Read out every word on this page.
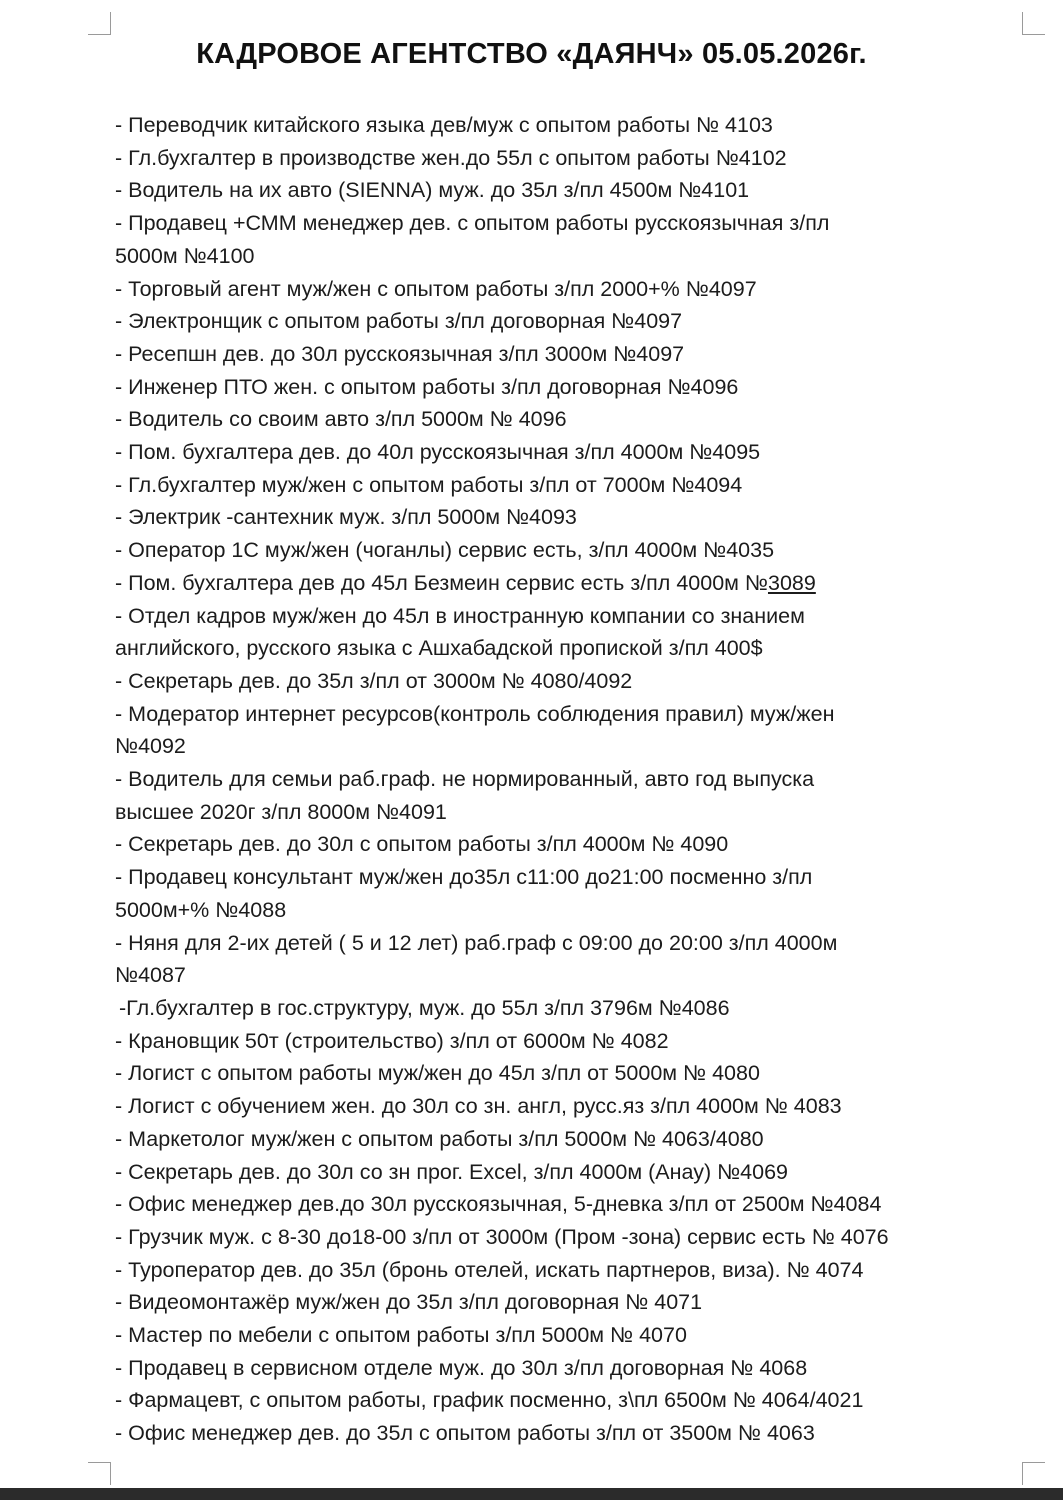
КАДРОВОЕ АГЕНТСТВО «ДАЯНЧ» 05.05.2026г.
- Переводчик китайского языка дев/муж с опытом работы № 4103
- Гл.бухгалтер в производстве жен.до 55л с опытом работы №4102
- Водитель на их авто (SIENNA) муж. до 35л з/пл 4500м №4101
- Продавец +СММ менеджер дев. с опытом работы русскоязычная з/пл
5000м №4100
- Торговый агент муж/жен с опытом работы з/пл 2000+% №4097
- Электронщик с опытом работы з/пл договорная №4097
- Ресепшн дев. до 30л русскоязычная з/пл 3000м №4097
- Инженер ПТО жен. с опытом работы з/пл договорная №4096
- Водитель со своим авто з/пл 5000м № 4096
- Пом. бухгалтера дев. до 40л русскоязычная з/пл 4000м №4095
- Гл.бухгалтер муж/жен с опытом работы з/пл от 7000м №4094
- Электрик -сантехник муж. з/пл 5000м №4093
- Оператор 1С муж/жен (чоганлы) сервис есть, з/пл 4000м №4035
- Пом. бухгалтера дев до 45л Безмеин сервис есть з/пл 4000м №3089
- Отдел кадров муж/жен до 45л в иностранную компании со знанием
английского, русского языка с Ашхабадской пропиской з/пл 400$
- Секретарь дев. до 35л з/пл от 3000м № 4080/4092
- Модератор интернет ресурсов(контроль соблюдения правил) муж/жен
№4092
- Водитель для семьи раб.граф. не нормированный, авто год выпуска
высшее 2020г з/пл 8000м №4091
- Секретарь дев. до 30л с опытом работы з/пл 4000м № 4090
- Продавец консультант муж/жен до35л с11:00 до21:00 посменно з/пл
5000м+% №4088
- Няня для 2-их детей ( 5 и 12 лет) раб.граф с 09:00 до 20:00 з/пл 4000м
№4087
-Гл.бухгалтер в гос.структуру, муж. до 55л з/пл 3796м №4086
- Крановщик 50т (строительство) з/пл от 6000м № 4082
- Логист с опытом работы муж/жен до 45л з/пл от 5000м № 4080
- Логист с обучением жен. до 30л со зн. англ, русс.яз з/пл 4000м № 4083
- Маркетолог муж/жен с опытом работы з/пл 5000м № 4063/4080
- Секретарь дев. до 30л со зн прог. Excel, з/пл 4000м (Анау) №4069
- Офис менеджер дев.до 30л русскоязычная, 5-дневка з/пл от 2500м №4084
- Грузчик муж. с 8-30 до18-00 з/пл от 3000м (Пром -зона) сервис есть № 4076
- Туроператор дев. до 35л (бронь отелей, искать партнеров, виза). № 4074
- Видеомонтажёр муж/жен до 35л з/пл договорная № 4071
- Мастер по мебели с опытом работы з/пл 5000м № 4070
- Продавец в сервисном отделе муж. до 30л з/пл договорная № 4068
- Фармацевт, с опытом работы, график посменно, з\пл 6500м № 4064/4021
- Офис менеджер дев. до 35л с опытом работы з/пл от 3500м № 4063
